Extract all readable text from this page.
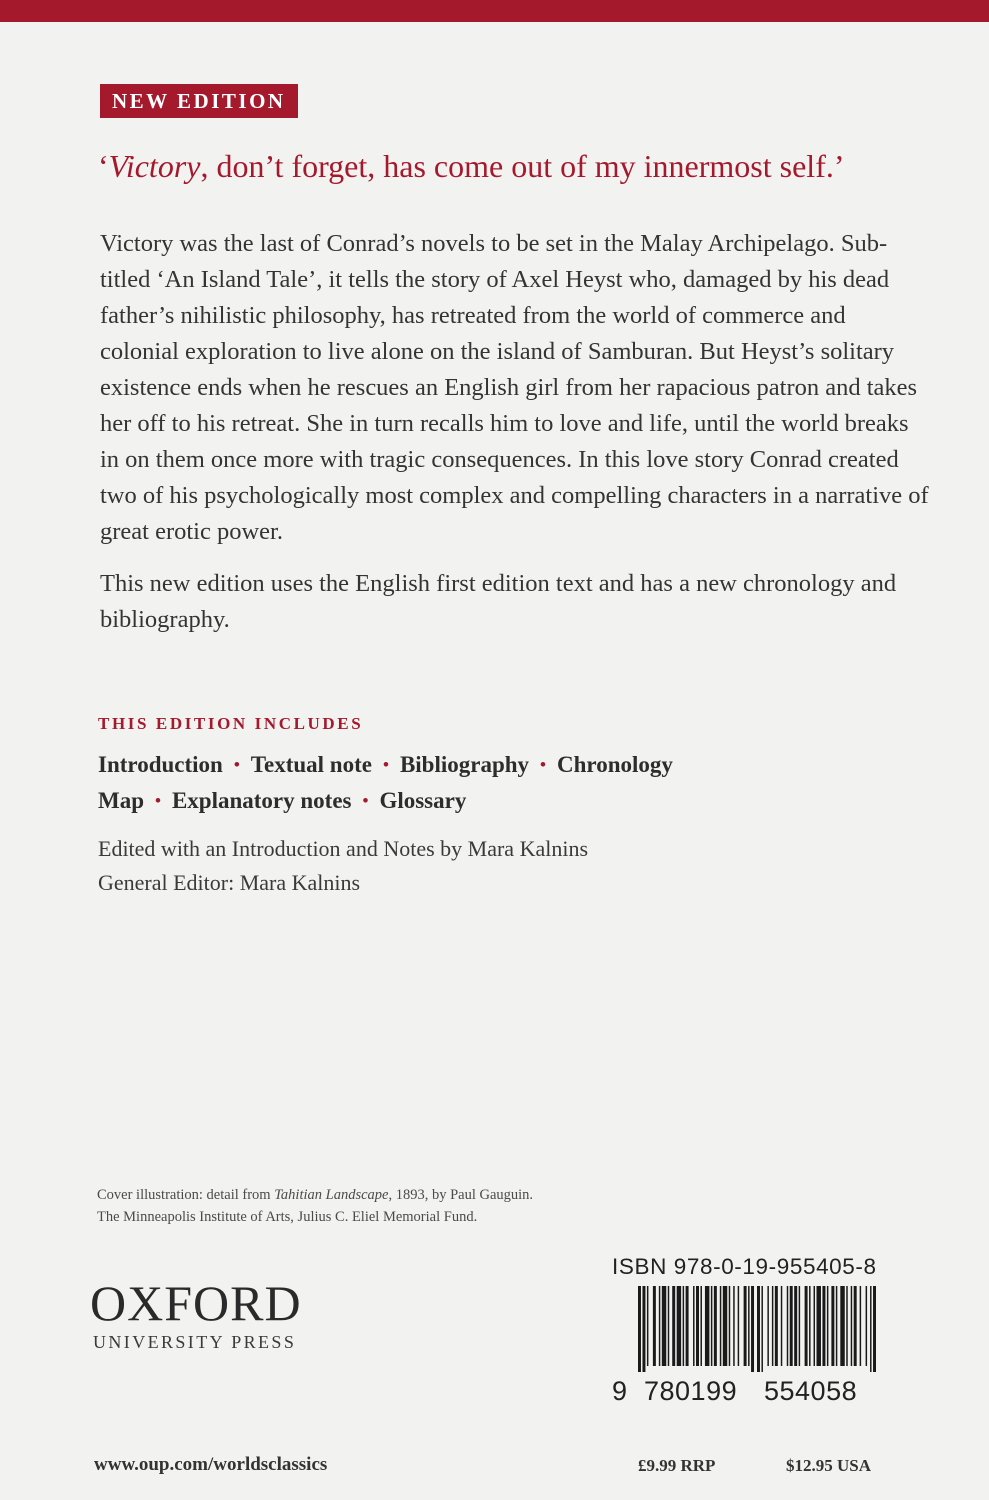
NEW EDITION
‘Victory, don’t forget, has come out of my innermost self.’

Victory was the last of Conrad’s novels to be set in the Malay Archipelago. Sub-titled ‘An Island Tale’, it tells the story of Axel Heyst who, damaged by his dead father’s nihilistic philosophy, has retreated from the world of commerce and colonial exploration to live alone on the island of Samburan. But Heyst’s solitary existence ends when he rescues an English girl from her rapacious patron and takes her off to his retreat. She in turn recalls him to love and life, until the world breaks in on them once more with tragic consequences. In this love story Conrad created two of his psychologically most complex and compelling characters in a narrative of great erotic power.

This new edition uses the English first edition text and has a new chronology and bibliography.

THIS EDITION INCLUDES
Introduction • Textual note • Bibliography • Chronology
Map • Explanatory notes • Glossary
Edited with an Introduction and Notes by Mara Kalnins
General Editor: Mara Kalnins
Cover illustration: detail from Tahitian Landscape, 1893, by Paul Gauguin.
The Minneapolis Institute of Arts, Julius C. Eliel Memorial Fund.
OXFORD
UNIVERSITY PRESS
www.oup.com/worldsclassics
ISBN 978-0-19-955405-8
9 780199 554058
£9.99 RRP	$12.95 USA
